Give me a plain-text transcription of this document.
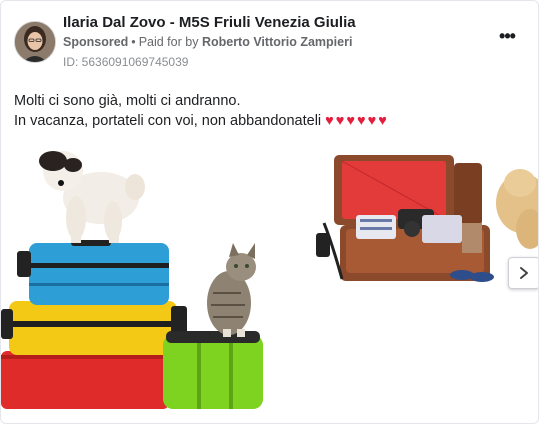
Ilaria Dal Zovo - M5S Friuli Venezia Giulia
Sponsored • Paid for by Roberto Vittorio Zampieri
ID: 5636091069745039
•••
Molti ci sono già, molti ci andranno.
In vacanza, portateli con voi, non abbandonateli ♥♥♥♥♥♥
